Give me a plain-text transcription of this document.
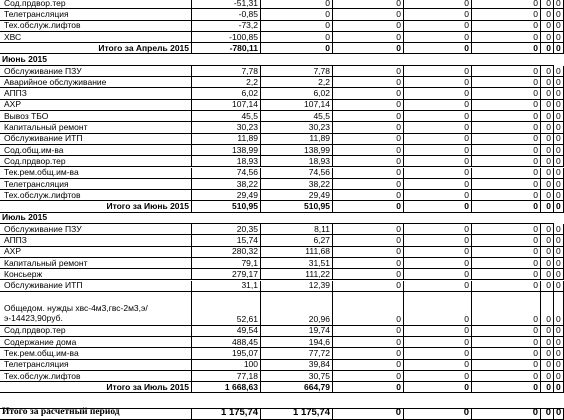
Сод.прдвор.тер	-51,31	0	0	0	0 0 0
Телетрансляция	-0,85	0	0	0	0 0 0
Тех.обслуж.лифтов	-73,2	0	0	0	0 0 0
ХВС	-100,85	0	0	0	0 0 0
Итого за Апрель 2015	-780,11	0	0	0	0 0 0
Июнь 2015
Обслуживание ПЗУ	7,78	7,78	0	0	0 0 0
Аварийное обслуживание	2,2	2,2	0	0	0 0 0
АППЗ	6,02	6,02	0	0	0 0 0
АХР	107,14	107,14	0	0	0 0 0
Вывоз ТБО	45,5	45,5	0	0	0 0 0
Капитальный ремонт	30,23	30,23	0	0	0 0 0
Обслуживание ИТП	11,89	11,89	0	0	0 0 0
Сод.общ.им-ва	138,99	138,99	0	0	0 0 0
Сод.прдвор.тер	18,93	18,93	0	0	0 0 0
Тек.рем.общ.им-ва	74,56	74,56	0	0	0 0 0
Телетрансляция	38,22	38,22	0	0	0 0 0
Тех.обслуж.лифтов	29,49	29,49	0	0	0 0 0
Итого за Июнь 2015	510,95	510,95	0	0	0 0 0
Июль 2015
Обслуживание ПЗУ	20,35	8,11	0	0	0 0 0
АППЗ	15,74	6,27	0	0	0 0 0
АХР	280,32	111,68	0	0	0 0 0
Капитальный ремонт	79,1	31,51	0	0	0 0 0
Консьерж	279,17	111,22	0	0	0 0 0
Обслуживание ИТП	31,1	12,39	0	0	0 0 0
Общедом. нужды хвс-4м3,гвс-2м3,э/э-14423,90руб.	52,61	20,96	0	0	0 0 0
Сод.прдвор.тер	49,54	19,74	0	0	0 0 0
Содержание дома	488,45	194,6	0	0	0 0 0
Тек.рем.общ.им-ва	195,07	77,72	0	0	0 0 0
Телетрансляция	100	39,84	0	0	0 0 0
Тех.обслуж.лифтов	77,18	30,75	0	0	0 0 0
Итого за Июль 2015	1 668,63	664,79	0	0	0 0 0
Итого за расчетный период	1 175,74	1 175,74	0	0	0 0 0
